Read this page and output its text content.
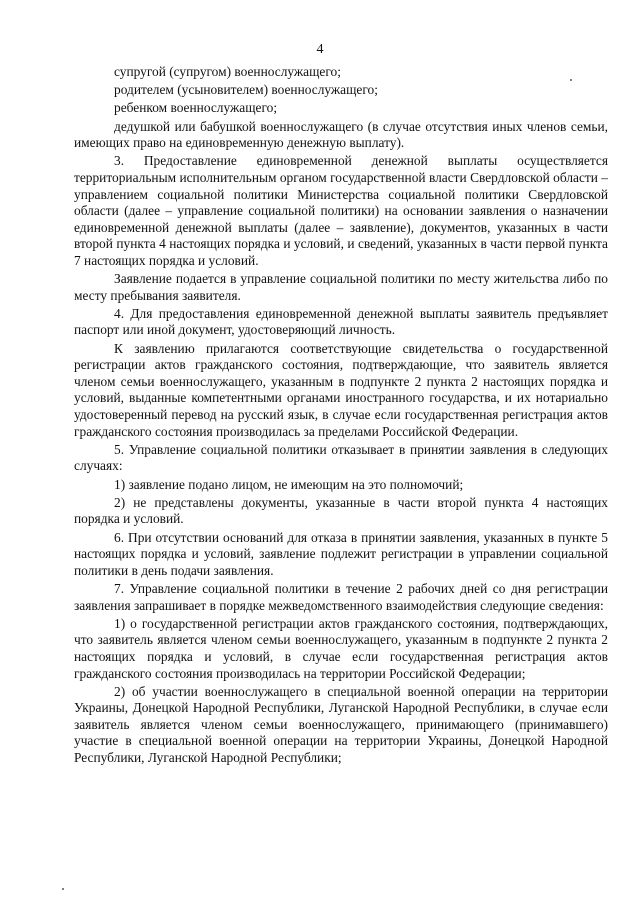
4

супругой (супругом) военнослужащего;

родителем (усыновителем) военнослужащего;

ребенком военнослужащего;

дедушкой или бабушкой военнослужащего (в случае отсутствия иных членов семьи, имеющих право на единовременную денежную выплату).

3. Предоставление единовременной денежной выплаты осуществляется территориальным исполнительным органом государственной власти Свердловской области – управлением социальной политики Министерства социальной политики Свердловской области (далее – управление социальной политики) на основании заявления о назначении единовременной денежной выплаты (далее – заявление), документов, указанных в части второй пункта 4 настоящих порядка и условий, и сведений, указанных в части первой пункта 7 настоящих порядка и условий.

Заявление подается в управление социальной политики по месту жительства либо по месту пребывания заявителя.

4. Для предоставления единовременной денежной выплаты заявитель предъявляет паспорт или иной документ, удостоверяющий личность.

К заявлению прилагаются соответствующие свидетельства о государственной регистрации актов гражданского состояния, подтверждающие, что заявитель является членом семьи военнослужащего, указанным в подпункте 2 пункта 2 настоящих порядка и условий, выданные компетентными органами иностранного государства, и их нотариально удостоверенный перевод на русский язык, в случае если государственная регистрация актов гражданского состояния производилась за пределами Российской Федерации.

5. Управление социальной политики отказывает в принятии заявления в следующих случаях:

1) заявление подано лицом, не имеющим на это полномочий;

2) не представлены документы, указанные в части второй пункта 4 настоящих порядка и условий.

6. При отсутствии оснований для отказа в принятии заявления, указанных в пункте 5 настоящих порядка и условий, заявление подлежит регистрации в управлении социальной политики в день подачи заявления.

7. Управление социальной политики в течение 2 рабочих дней со дня регистрации заявления запрашивает в порядке межведомственного взаимодействия следующие сведения:

1) о государственной регистрации актов гражданского состояния, подтверждающих, что заявитель является членом семьи военнослужащего, указанным в подпункте 2 пункта 2 настоящих порядка и условий, в случае если государственная регистрация актов гражданского состояния производилась на территории Российской Федерации;

2) об участии военнослужащего в специальной военной операции на территории Украины, Донецкой Народной Республики, Луганской Народной Республики, в случае если заявитель является членом семьи военнослужащего, принимающего (принимавшего) участие в специальной военной операции на территории Украины, Донецкой Народной Республики, Луганской Народной Республики;
